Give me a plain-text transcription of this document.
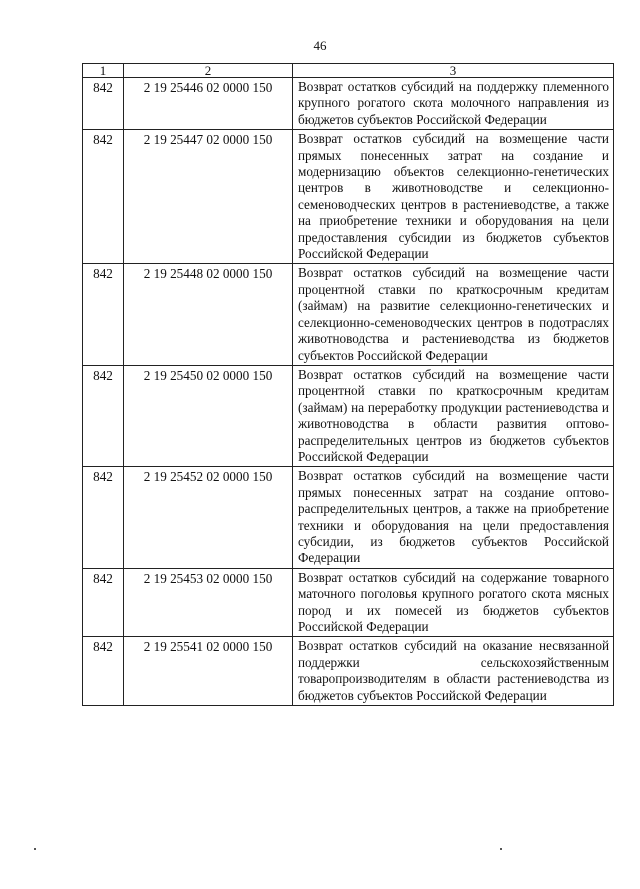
46
1	2	3
842	2 19 25446 02 0000 150	Возврат остатков субсидий на поддержку племенного крупного рогатого скота молочного направления из бюджетов субъектов Российской Федерации
842	2 19 25447 02 0000 150	Возврат остатков субсидий на возмещение части прямых понесенных затрат на создание и модернизацию объектов селекционно-генетических центров в животноводстве и селекционно-семеноводческих центров в растениеводстве, а также на приобретение техники и оборудования на цели предоставления субсидии из бюджетов субъектов Российской Федерации
842	2 19 25448 02 0000 150	Возврат остатков субсидий на возмещение части процентной ставки по краткосрочным кредитам (займам) на развитие селекционно-генетических и селекционно-семеноводческих центров в подотраслях животноводства и растениеводства из бюджетов субъектов Российской Федерации
842	2 19 25450 02 0000 150	Возврат остатков субсидий на возмещение части процентной ставки по краткосрочным кредитам (займам) на переработку продукции растениеводства и животноводства в области развития оптово-распределительных центров из бюджетов субъектов Российской Федерации
842	2 19 25452 02 0000 150	Возврат остатков субсидий на возмещение части прямых понесенных затрат на создание оптово-распределительных центров, а также на приобретение техники и оборудования на цели предоставления субсидии, из бюджетов субъектов Российской Федерации
842	2 19 25453 02 0000 150	Возврат остатков субсидий на содержание товарного маточного поголовья крупного рогатого скота мясных пород и их помесей из бюджетов субъектов Российской Федерации
842	2 19 25541 02 0000 150	Возврат остатков субсидий на оказание несвязанной поддержки сельскохозяйственным товаропроизводителям в области растениеводства из бюджетов субъектов Российской Федерации
